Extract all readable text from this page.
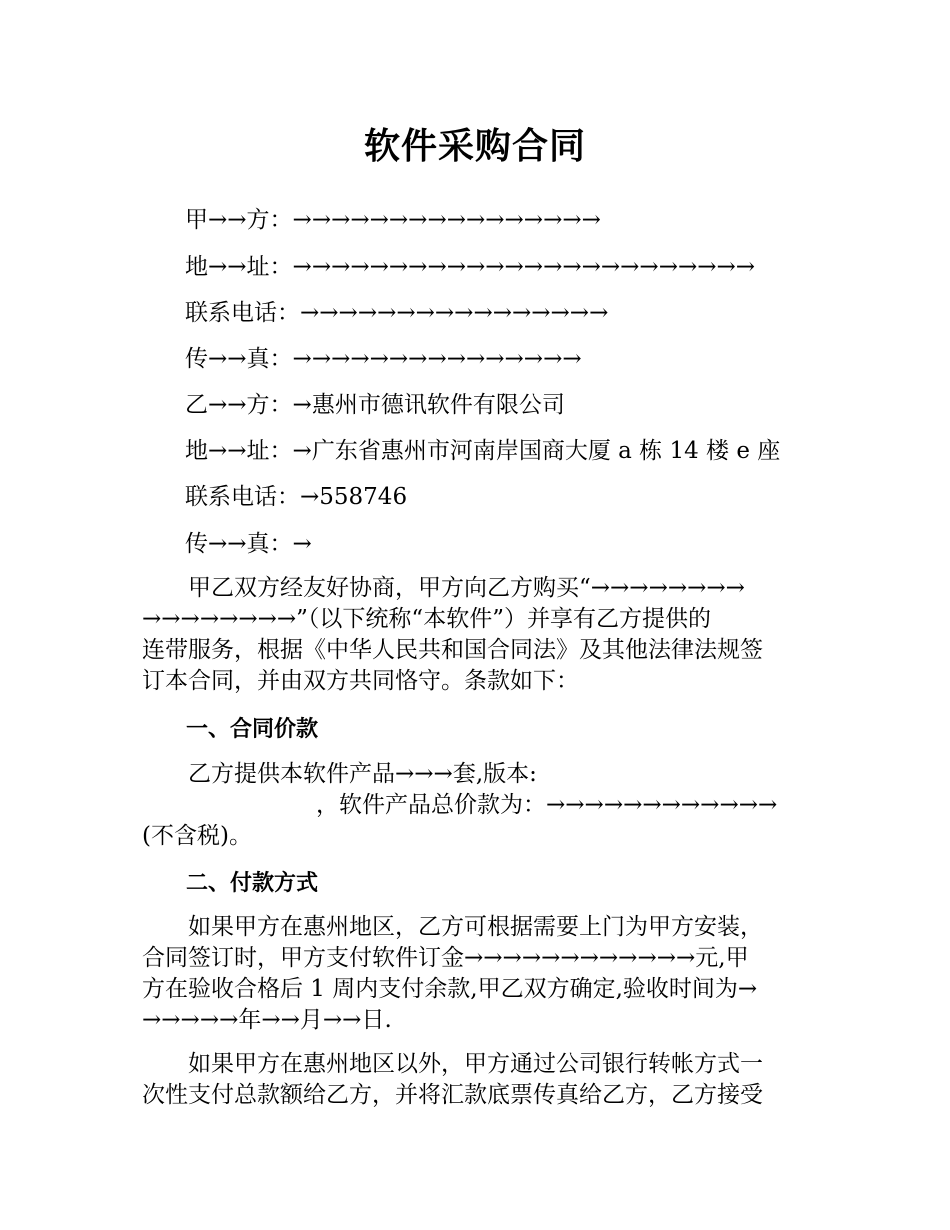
软件采购合同
甲→→方：→→→→→→→→→→→→→→→→
地→→址：→→→→→→→→→→→→→→→→→→→→→→→→
联系电话：→→→→→→→→→→→→→→→→
传→→真：→→→→→→→→→→→→→→→
乙→→方：→惠州市德讯软件有限公司
地→→址：→广东省惠州市河南岸国商大厦 a 栋 14 楼 e 座
联系电话：→558746
传→→真：→
甲乙双方经友好协商，甲方向乙方购买“→→→→→→→→
→→→→→→→→”（以下统称“本软件”）并享有乙方提供的
连带服务，根据《中华人民共和国合同法》及其他法律法规签
订本合同，并由双方共同恪守。条款如下：
一、合同价款
乙方提供本软件产品→→→套,版本:
，软件产品总价款为：→→→→→→→→→→→→
(不含税)。
二、付款方式
如果甲方在惠州地区，乙方可根据需要上门为甲方安装，
合同签订时，甲方支付软件订金→→→→→→→→→→→→元,甲
方在验收合格后 1 周内支付余款,甲乙双方确定,验收时间为→
→→→→→年→→月→→日.
如果甲方在惠州地区以外，甲方通过公司银行转帐方式一
次性支付总款额给乙方，并将汇款底票传真给乙方，乙方接受
